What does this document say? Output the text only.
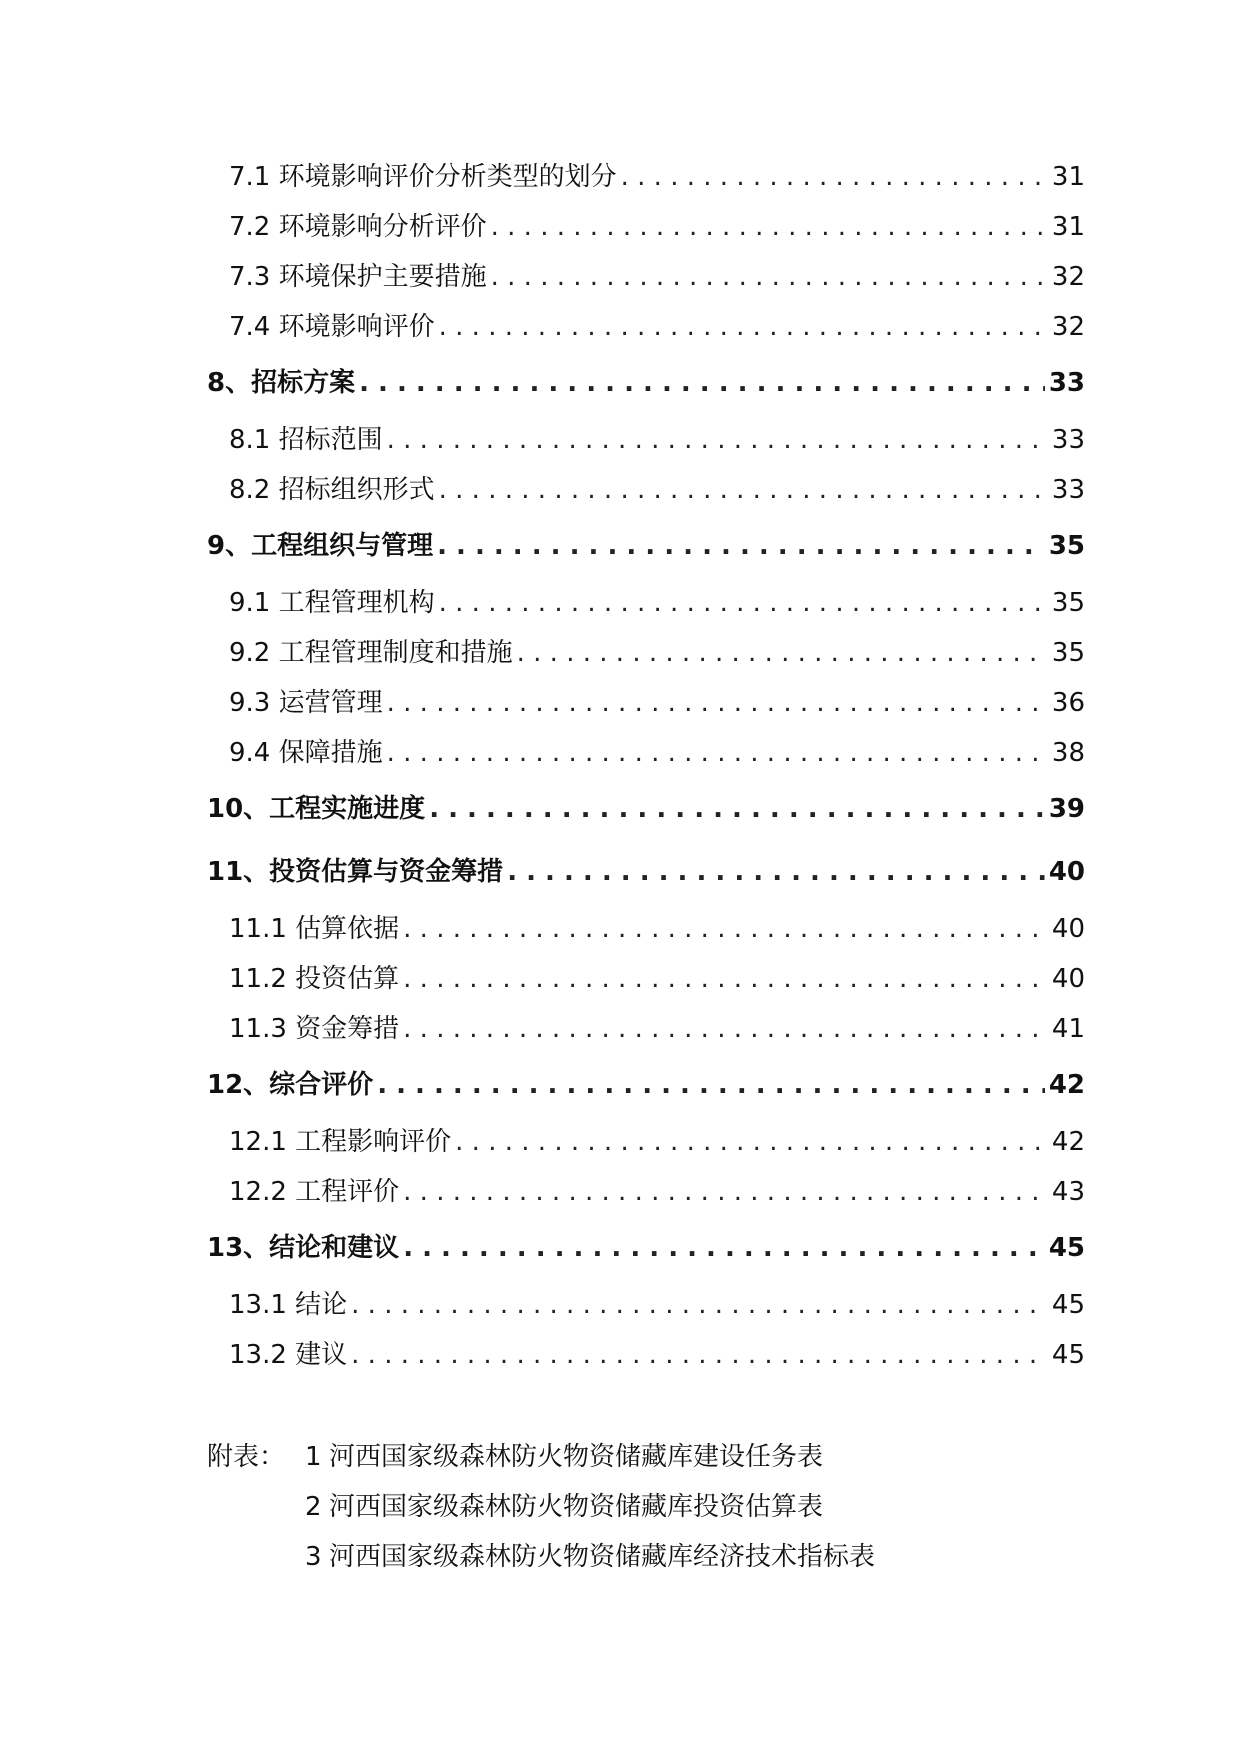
7.1 环境影响评价分析类型的划分 . . .	31
7.2 环境影响分析评价 . . .	31
7.3 环境保护主要措施 . . .	32
7.4 环境影响评价 . . .	32
8、招标方案 . . .	33
8.1 招标范围 . . .	33
8.2 招标组织形式 . . .	33
9、工程组织与管理 . . .	35
9.1 工程管理机构 . . .	35
9.2 工程管理制度和措施 . . .	35
9.3 运营管理 . . .	36
9.4 保障措施 . . .	38
10、工程实施进度 . . .	39
11、投资估算与资金筹措 . . .	40
11.1 估算依据 . . .	40
11.2 投资估算 . . .	40
11.3 资金筹措 . . .	41
12、综合评价 . . .	42
12.1 工程影响评价 . . .	42
12.2 工程评价 . . .	43
13、结论和建议 . . .	45
13.1 结论 . . .	45
13.2 建议 . . .	45
附表： 1 河西国家级森林防火物资储藏库建设任务表
2 河西国家级森林防火物资储藏库投资估算表
3 河西国家级森林防火物资储藏库经济技术指标表
